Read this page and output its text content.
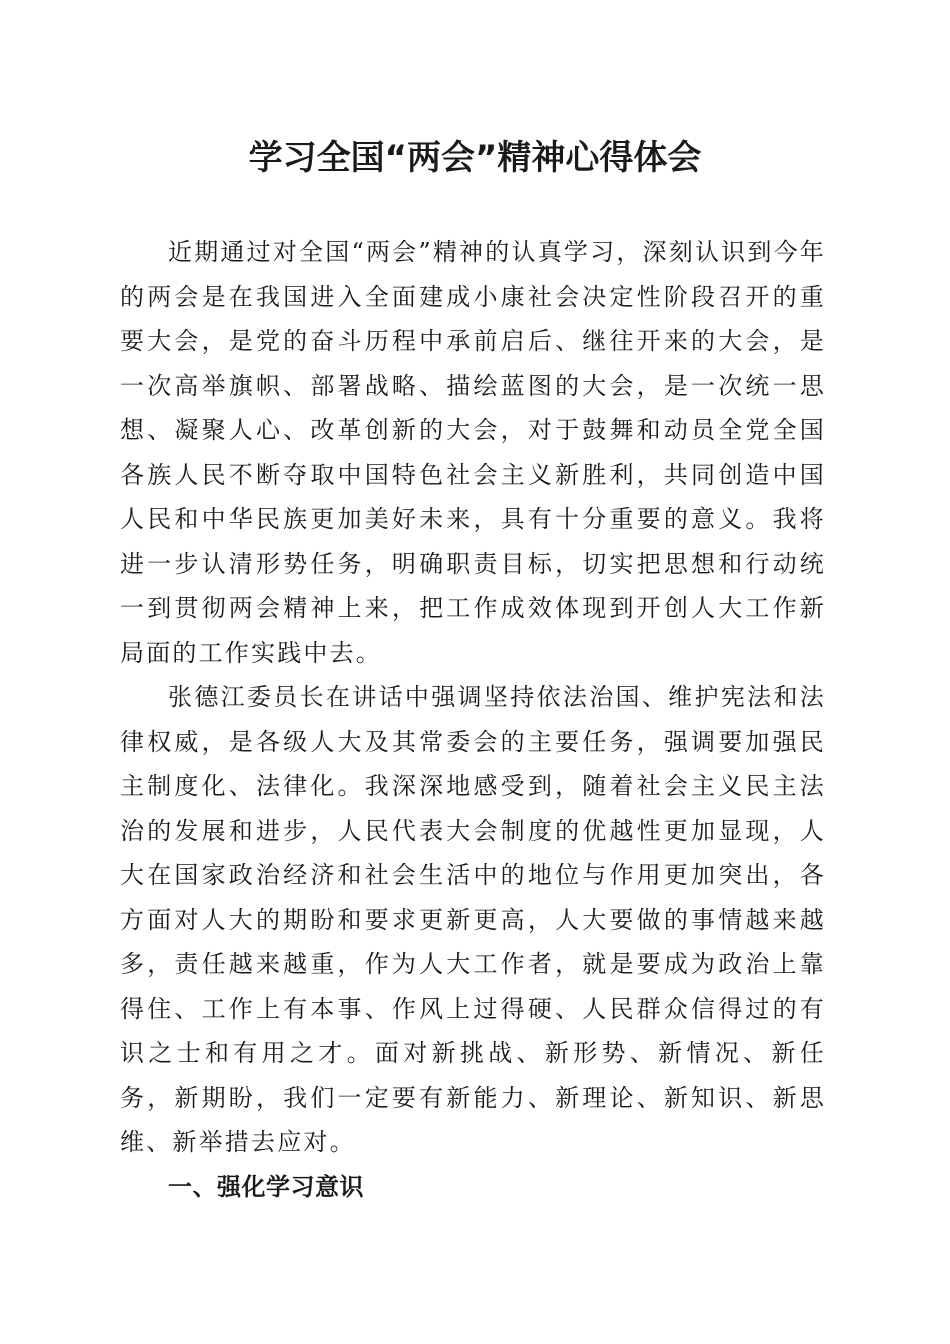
学习全国“两会”精神心得体会

近期通过对全国“两会”精神的认真学习，深刻认识到今年的两会是在我国进入全面建成小康社会决定性阶段召开的重要大会，是党的奋斗历程中承前启后、继往开来的大会，是一次高举旗帜、部署战略、描绘蓝图的大会，是一次统一思想、凝聚人心、改革创新的大会，对于鼓舞和动员全党全国各族人民不断夺取中国特色社会主义新胜利，共同创造中国人民和中华民族更加美好未来，具有十分重要的意义。我将进一步认清形势任务，明确职责目标，切实把思想和行动统一到贯彻两会精神上来，把工作成效体现到开创人大工作新局面的工作实践中去。

张德江委员长在讲话中强调坚持依法治国、维护宪法和法律权威，是各级人大及其常委会的主要任务，强调要加强民主制度化、法律化。我深深地感受到，随着社会主义民主法治的发展和进步，人民代表大会制度的优越性更加显现，人大在国家政治经济和社会生活中的地位与作用更加突出，各方面对人大的期盼和要求更新更高，人大要做的事情越来越多，责任越来越重，作为人大工作者，就是要成为政治上靠得住、工作上有本事、作风上过得硬、人民群众信得过的有识之士和有用之才。面对新挑战、新形势、新情况、新任务，新期盼，我们一定要有新能力、新理论、新知识、新思维、新举措去应对。

一、强化学习意识
